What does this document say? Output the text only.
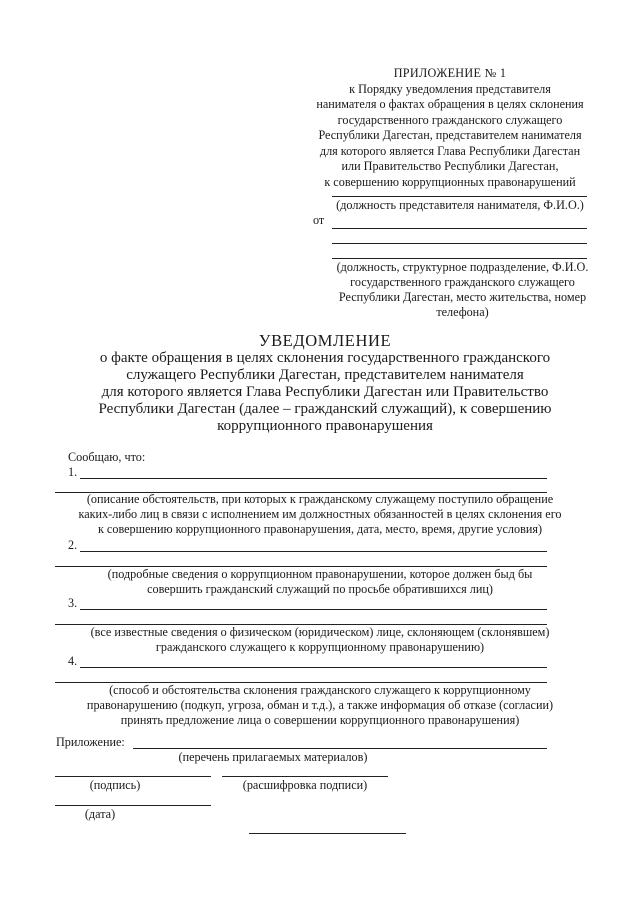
ПРИЛОЖЕНИЕ № 1
к Порядку уведомления представителя
нанимателя о фактах обращения в целях склонения
государственного гражданского служащего
Республики Дагестан, представителем нанимателя
для которого является Глава Республики Дагестан
или Правительство Республики Дагестан,
к совершению коррупционных правонарушений
(должность представителя нанимателя, Ф.И.О.)
от
(должность, структурное подразделение, Ф.И.О.
государственного гражданского служащего
Республики Дагестан, место жительства, номер
телефона)
УВЕДОМЛЕНИЕ
о факте обращения в целях склонения государственного гражданского
служащего Республики Дагестан, представителем нанимателя
для которого является Глава Республики Дагестан или Правительство
Республики Дагестан (далее – гражданский служащий), к совершению
коррупционного правонарушения
Сообщаю, что:
1.
(описание обстоятельств, при которых к гражданскому служащему поступило обращение
каких-либо лиц в связи с исполнением им должностных обязанностей в целях склонения его
к совершению коррупционного правонарушения, дата, место, время, другие условия)
2.
(подробные сведения о коррупционном правонарушении, которое должен быд бы
совершить гражданский служащий по просьбе обратившихся лиц)
3.
(все известные сведения о физическом (юридическом) лице, склоняющем (склонявшем)
гражданского служащего к коррупционному правонарушению)
4.
(способ и обстоятельства склонения гражданского служащего к коррупционному
правонарушению (подкуп, угроза, обман и т.д.), а также информация об отказе (согласии)
принять предложение лица о совершении коррупционного правонарушения)
Приложение:
(перечень прилагаемых материалов)
(подпись)	(расшифровка подписи)
(дата)
